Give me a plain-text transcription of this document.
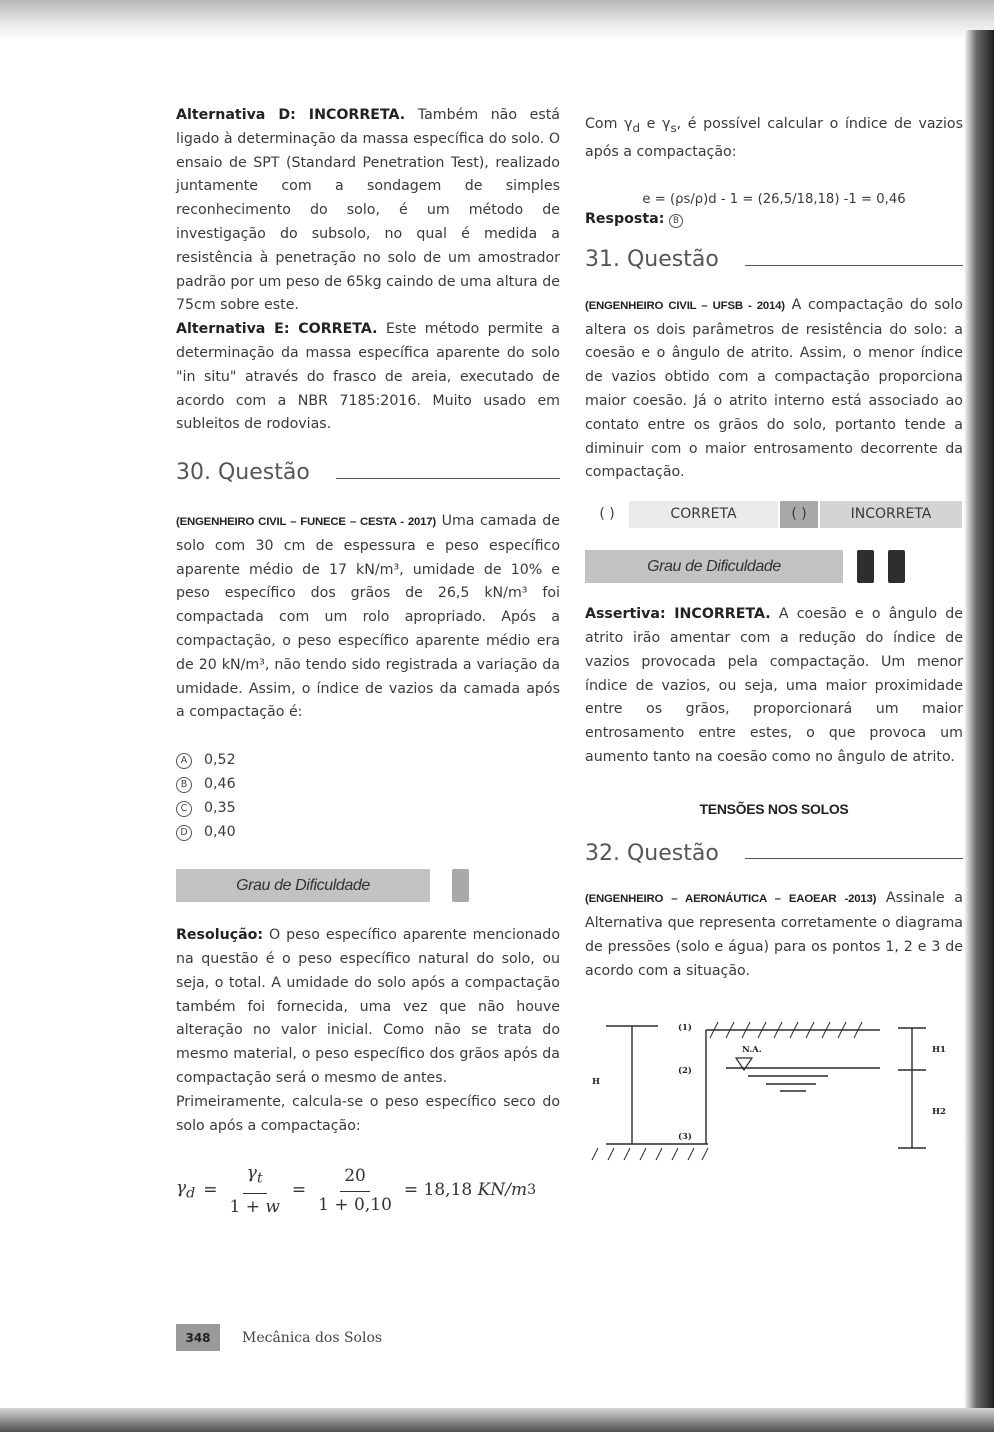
Alternativa D: INCORRETA. Também não está ligado à determinação da massa específica do solo. O ensaio de SPT (Standard Penetration Test), realizado juntamente com a sondagem de simples reconhecimento do solo, é um método de investigação do subsolo, no qual é medida a resistência à penetração no solo de um amostrador padrão por um peso de 65kg caindo de uma altura de 75cm sobre este.

Alternativa E: CORRETA. Este método permite a determinação da massa específica aparente do solo "in situ" através do frasco de areia, executado de acordo com a NBR 7185:2016. Muito usado em subleitos de rodovias.

30. Questão

(ENGENHEIRO CIVIL – FUNECE – CESTA - 2017) Uma camada de solo com 30 cm de espessura e peso específico aparente médio de 17 kN/m³, umidade de 10% e peso específico dos grãos de 26,5 kN/m³ foi compactada com um rolo apropriado. Após a compactação, o peso específico aparente médio era de 20 kN/m³, não tendo sido registrada a variação da umidade. Assim, o índice de vazios da camada após a compactação é:

A	0,52
B	0,46
C	0,35
D	0,40
Grau de Dificuldade

Resolução: O peso específico aparente mencionado na questão é o peso específico natural do solo, ou seja, o total. A umidade do solo após a compactação também foi fornecida, uma vez que não houve alteração no valor inicial. Como não se trata do mesmo material, o peso específico dos grãos após da compactação será o mesmo de antes.

Primeiramente, calcula-se o peso específico seco do solo após a compactação:

$\gamma_d = \frac{\gamma_t}{1 + w} = \frac{20}{1 + 0,10} = 18,18$ KN/m 3

Com $\gamma_d$ e $\gamma_s$, é possível calcular o índice de vazios após a compactação:

e = (ρs/ρ)d - 1 = (26,5/18,18) -1 = 0,46
Resposta: B
31. Questão

(ENGENHEIRO CIVIL – UFSB - 2014) A compactação do solo altera os dois parâmetros de resistência do solo: a coesão e o ângulo de atrito. Assim, o menor índice de vazios obtido com a compactação proporciona maior coesão. Já o atrito interno está associado ao contato entre os grãos do solo, portanto tende a diminuir com o maior entrosamento decorrente da compactação.

( )	CORRETA	( )	INCORRETA
Grau de Dificuldade

Assertiva: INCORRETA. A coesão e o ângulo de atrito irão amentar com a redução do índice de vazios provocada pela compactação. Um menor índice de vazios, ou seja, uma maior proximidade entre os grãos, proporcionará um maior entrosamento entre estes, o que provoca um aumento tanto na coesão como no ângulo de atrito.

TENSÕES NOS SOLOS
32. Questão

(ENGENHEIRO – AERONÁUTICA – EAOEAR -2013) Assinale a Alternativa que representa corretamente o diagrama de pressões (solo e água) para os pontos 1, 2 e 3 de acordo com a situação.

(1)
(2)
(3)
H
N.A.	H1
H2
348	Mecânica dos Solos
